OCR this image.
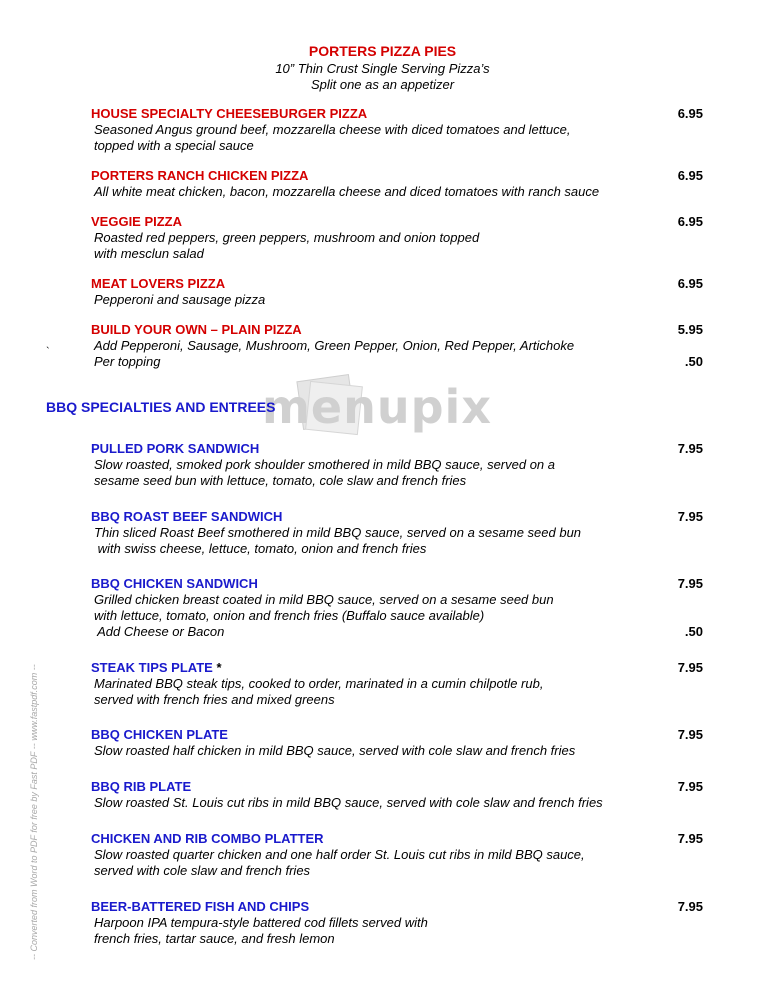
PORTERS PIZZA PIES
10” Thin Crust Single Serving Pizza’s
Split one as an appetizer
HOUSE SPECIALTY CHEESEBURGER PIZZA
Seasoned Angus ground beef, mozzarella cheese with diced tomatoes and lettuce,
topped with a special sauce
6.95
PORTERS RANCH CHICKEN PIZZA
All white meat chicken, bacon, mozzarella cheese and diced tomatoes with ranch sauce
6.95
VEGGIE PIZZA
Roasted red peppers, green peppers, mushroom and onion topped
with mesclun salad
6.95
MEAT LOVERS PIZZA
Pepperoni and sausage pizza
6.95
BUILD YOUR OWN – PLAIN PIZZA
Add Pepperoni, Sausage, Mushroom, Green Pepper, Onion, Red Pepper, Artichoke
Per topping
5.95
.50
`
menupix
BBQ SPECIALTIES AND ENTREES
PULLED PORK SANDWICH
Slow roasted, smoked pork shoulder smothered in mild BBQ sauce, served on a
sesame seed bun with lettuce, tomato, cole slaw and french fries
7.95
BBQ ROAST BEEF SANDWICH
Thin sliced Roast Beef smothered in mild BBQ sauce, served on a sesame seed bun
with swiss cheese, lettuce, tomato, onion and french fries
7.95
BBQ CHICKEN SANDWICH
Grilled chicken breast coated in mild BBQ sauce, served on a sesame seed bun
with lettuce, tomato, onion and french fries (Buffalo sauce available)
Add Cheese or Bacon
7.95
.50
STEAK TIPS PLATE *
Marinated BBQ steak tips, cooked to order, marinated in a cumin chilpotle rub,
served with french fries and mixed greens
7.95
BBQ CHICKEN PLATE
Slow roasted half chicken in mild BBQ sauce, served with cole slaw and french fries
7.95
BBQ RIB PLATE
Slow roasted St. Louis cut ribs in mild BBQ sauce, served with cole slaw and french fries
7.95
CHICKEN AND RIB COMBO PLATTER
Slow roasted quarter chicken and one half order St. Louis cut ribs in mild BBQ sauce,
served with cole slaw and french fries
7.95
BEER-BATTERED FISH AND CHIPS
Harpoon IPA tempura-style battered cod fillets served with
french fries, tartar sauce, and fresh lemon
7.95
-- Converted from Word to PDF for free by Fast PDF -- www.fastpdf.com --
